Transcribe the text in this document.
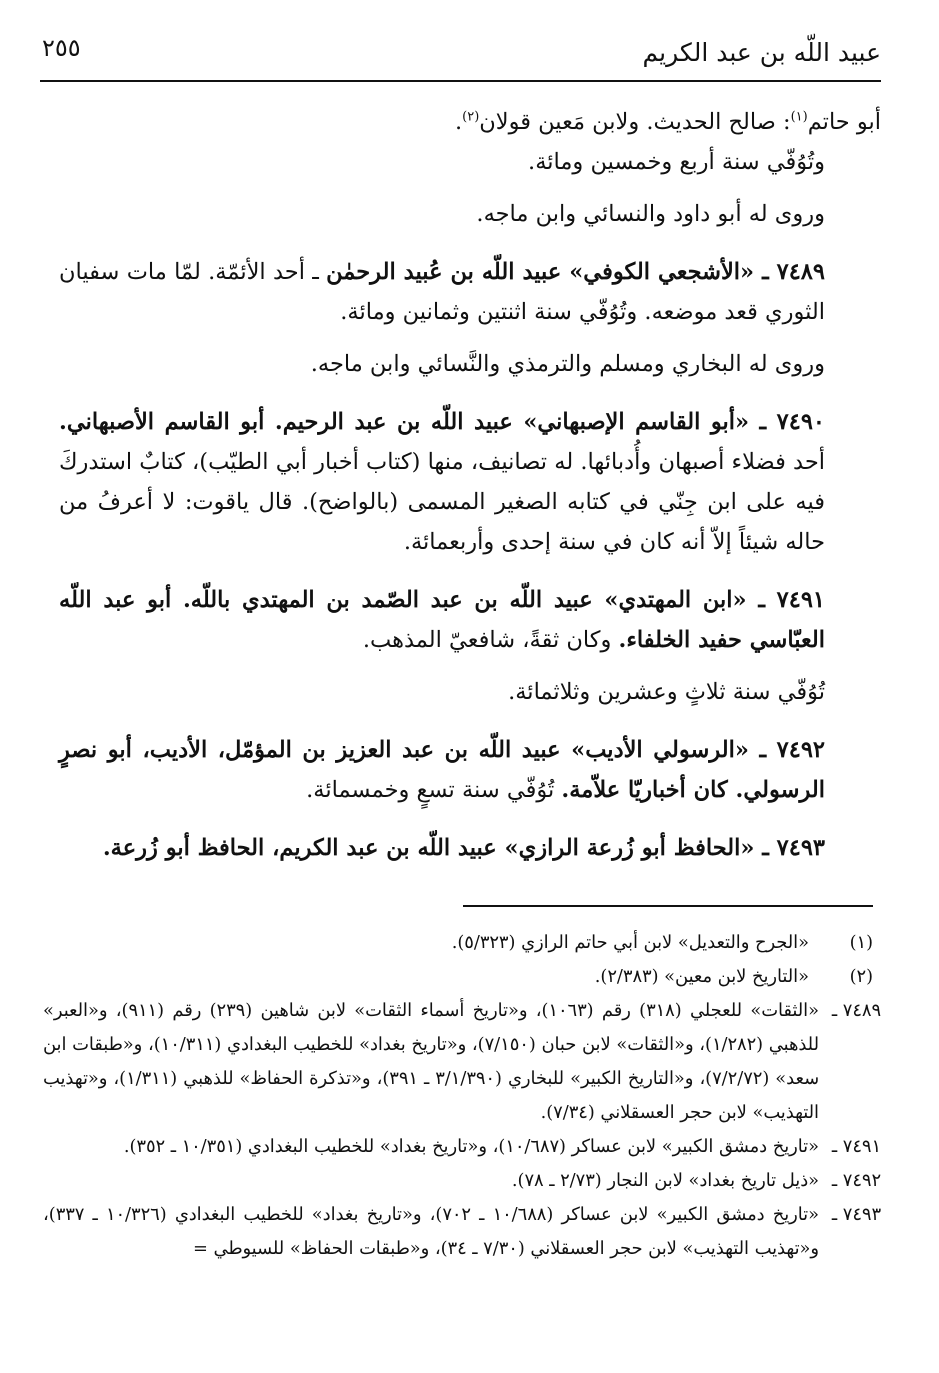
عبيد اللّه بن عبد الكريم
٢٥٥

أبو حاتم$^{(١)}$: صالح الحديث. ولابن مَعين قولان$^{(٢)}$.

وتُوُفّي سنة أربع وخمسين ومائة.

وروى له أبو داود والنسائي وابن ماجه.

٧٤٨٩ ـ «الأشجعي الكوفي» عبيد اللّه بن عُبيد الرحمٰن ـ أحد الأئمّة. لمّا مات سفيان الثوري قعد موضعه. وتُوُفّي سنة اثنتين وثمانين ومائة.

وروى له البخاري ومسلم والترمذي والنَّسائي وابن ماجه.

٧٤٩٠ ـ «أبو القاسم الإصبهاني» عبيد اللّه بن عبد الرحيم. أبو القاسم الأصبهاني. أحد فضلاء أصبهان وأُدبائها. له تصانيف، منها (كتاب أخبار أبي الطيّب)، كتابٌ استدركَ فيه على ابن جِنّي في كتابه الصغير المسمى (بالواضح). قال ياقوت: لا أعرفُ من حاله شيئاً إلاّ أنه كان في سنة إحدى وأربعمائة.

٧٤٩١ ـ «ابن المهتدي» عبيد اللّه بن عبد الصّمد بن المهتدي باللّه. أبو عبد اللّه العبّاسي حفيد الخلفاء. وكان ثقةً، شافعيّ المذهب.

تُوُفّي سنة ثلاثٍ وعشرين وثلاثمائة.

٧٤٩٢ ـ «الرسولي الأديب» عبيد اللّه بن عبد العزيز بن المؤمّل، الأديب، أبو نصرٍ الرسولي. كان أخباريّا علاّمة. تُوُفّي سنة تسعٍ وخمسمائة.

٧٤٩٣ ـ «الحافظ أبو زُرعة الرازي» عبيد اللّه بن عبد الكريم، الحافظ أبو زُرعة.

(١)
«الجرح والتعديل» لابن أبي حاتم الرازي (٥/٣٢٣).
(٢)
«التاريخ لابن معين» (٢/٣٨٣).
٧٤٨٩ ـ
«الثقات» للعجلي (٣١٨) رقم (١٠٦٣)، و«تاريخ أسماء الثقات» لابن شاهين (٢٣٩) رقم (٩١١)، و«العبر» للذهبي (١/٢٨٢)، و«الثقات» لابن حبان (٧/١٥٠)، و«تاريخ بغداد» للخطيب البغدادي (١٠/٣١١)، و«طبقات ابن سعد» (٧/٢/٧٢)، و«التاريخ الكبير» للبخاري (٣/١/٣٩٠ ـ ٣٩١)، و«تذكرة الحفاظ» للذهبي (١/٣١١)، و«تهذيب التهذيب» لابن حجر العسقلاني (٧/٣٤).
٧٤٩١ ـ
«تاريخ دمشق الكبير» لابن عساكر (١٠/٦٨٧)، و«تاريخ بغداد» للخطيب البغدادي (١٠/٣٥١ ـ ٣٥٢).
٧٤٩٢ ـ
«ذيل تاريخ بغداد» لابن النجار (٢/٧٣ ـ ٧٨).
٧٤٩٣ ـ
«تاريخ دمشق الكبير» لابن عساكر (١٠/٦٨٨ ـ ٧٠٢)، و«تاريخ بغداد» للخطيب البغدادي (١٠/٣٢٦ ـ ٣٣٧)، و«تهذيب التهذيب» لابن حجر العسقلاني (٧/٣٠ ـ ٣٤)، و«طبقات الحفاظ» للسيوطي =
